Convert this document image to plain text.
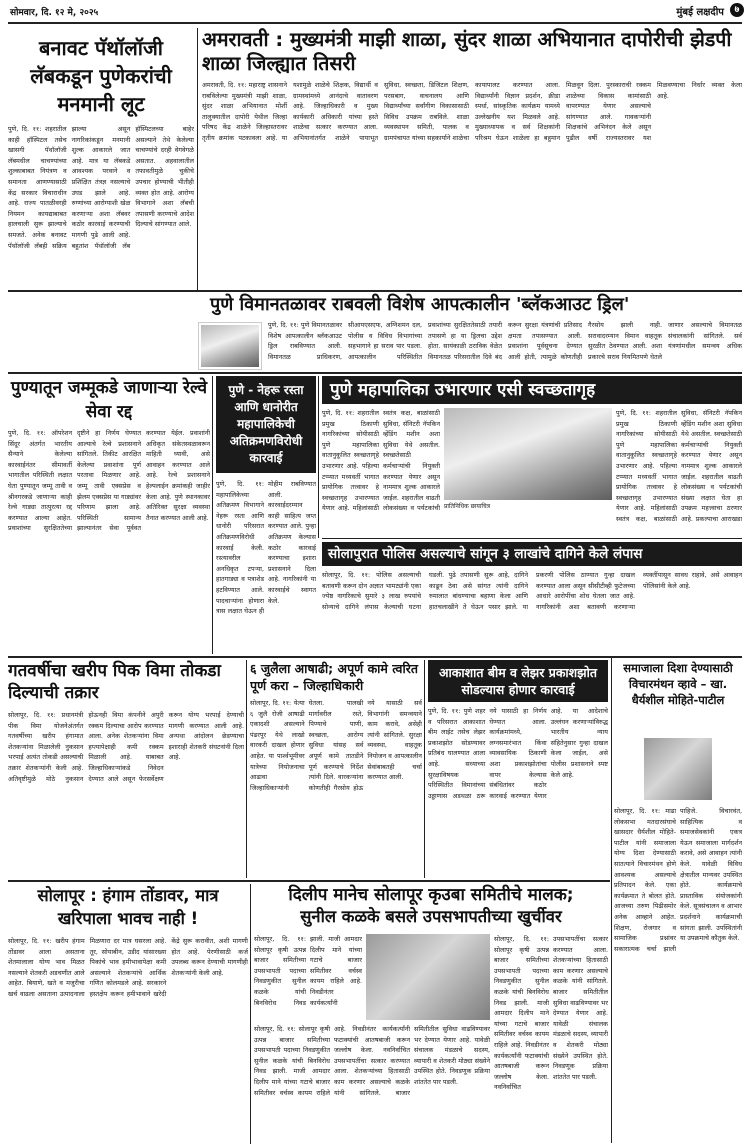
सोमवार, दि. १२ मे, २०२५	मुंबई लक्षदीप	७
बनावट पॅथॉलॉजी लॅबकडून पुणेकरांची मनमानी लूट
पुणे, दि. ११: शहरातील काही हॉस्पिटल तसेच खासगी पॅथॉलॉजी लॅबमधील चाचण्यांच्या शुल्काबाबत नियंत्रण व समानता आणण्यासाठी केंद्र सरकार विचाराधीन आहे. राज्य पातळीवरही नियमन कायद्याबाबत हालचाली सुरू झाल्याचे समजते. अनेक बनावट पॅथॉलॉजी लॅबही सक्रिय झाल्या असून नागरिकांकडून मनमानी शुल्क आकारले जात आहे. मात्र या लॅबकडे आवश्यक परवाने व प्रशिक्षित तंत्रज्ञ नसल्याचे उघड झाले आहे. रुग्णांच्या आरोग्याशी खेळ करणाऱ्या अशा लॅबवर कठोर कारवाई करण्याची मागणी पुढे आली आहे. बहुतांश पॅथॉलॉजी लॅब हॉस्पिटलच्या बाहेर असल्याने तेथे केलेल्या चाचण्यांचे दरही वेगवेगळे असतात. अहवालातील तफावतीमुळे चुकीचे उपचार होण्याची भीतीही व्यक्त होत आहे. आरोग्य विभागाने अशा लॅबची तपासणी करण्याचे आदेश दिल्याचे सांगण्यात आले.
अमरावती : मुख्यमंत्री माझी शाळा, सुंदर शाळा अभियानात दापोरीची झेडपी शाळा जिल्ह्यात तिसरी
अमरावती, दि. ११: महाराष्ट्र शासनाने राबविलेल्या मुख्यमंत्री माझी शाळा, सुंदर शाळा अभियानात मोर्शी तालुक्यातील दापोरी येथील जिल्हा परिषद केंद्र शाळेने जिल्हास्तरावर तृतीय क्रमांक पटकावला आहे. या यशामुळे शाळेचे शिक्षक, विद्यार्थी व ग्रामस्थांमध्ये आनंदाचे वातावरण आहे. जिल्हाधिकारी व मुख्य कार्यकारी अधिकारी यांच्या हस्ते शाळेचा सत्कार करण्यात आला. अभियानांतर्गत शाळेने पायाभूत सुविधा, स्वच्छता, डिजिटल शिक्षण, परसबाग, वाचनालय आणि विद्यार्थ्यांच्या सर्वांगीण विकासासाठी विविध उपक्रम राबविले. शाळा व्यवस्थापन समिती, पालक व ग्रामपंचायत यांच्या सहकार्याने शाळेचा कायापालट करण्यात आला. विद्यार्थ्यांनी विज्ञान प्रदर्शन, क्रीडा स्पर्धा, सांस्कृतिक कार्यक्रम यामध्ये उल्लेखनीय यश मिळवले आहे. मुख्याध्यापक व सर्व शिक्षकांनी परिश्रम घेऊन शाळेला हा बहुमान मिळवून दिला. पुरस्काराची रक्कम शाळेच्या विकास कामांसाठी वापरण्यात येणार असल्याचे सांगण्यात आले. गावकऱ्यांनी शिक्षकांचे अभिनंदन केले असून पुढील वर्षी राज्यस्तरावर यश मिळवण्याचा निर्धार व्यक्त केला आहे.
पुणे विमानतळावर राबवली विशेष आपत्कालीन 'ब्लॅकआउट ड्रिल'
पुणे, दि. ११: पुणे विमानतळावर विशेष आपत्कालीन ब्लॅकआउट ड्रिल राबविण्यात आली. विमानतळ प्राधिकरण, सीआयएसएफ, अग्निशमन दल, पोलीस व विविध विभागांच्या सहभागाने हा सराव पार पडला. आपत्कालीन परिस्थितीत प्रवाशांच्या सुरक्षिततेसाठी तयारी तपासणे हा या ड्रिलचा उद्देश होता. सायंकाळी ठराविक वेळेत विमानतळ परिसरातील दिवे बंद करून सुरक्षा यंत्रणांची प्रतिसाद क्षमता तपासण्यात आली. प्रवाशांना पूर्वसूचना देण्यात आली होती, त्यामुळे कोणतीही गैरसोय झाली नाही. सरावादरम्यान विमान वाहतूक सुरळीत ठेवण्यात आली. अशा प्रकारचे सराव नियमितपणे घेतले जाणार असल्याचे विमानतळ संचालकांनी सांगितले. सर्व यंत्रणांमधील समन्वय अधिक
पुण्यातून जम्मूकडे जाणाऱ्या रेल्वे सेवा रद्द
पुणे, दि. ११: ऑपरेशन सिंदूर अंतर्गत भारतीय सैन्याने केलेल्या कारवाईनंतर सीमावर्ती भागातील परिस्थिती लक्षात घेता पुण्यातून जम्मू तावी व श्रीनगरकडे जाणाऱ्या काही रेल्वे गाड्या तात्पुरत्या रद्द करण्यात आल्या आहेत. प्रवाशांच्या सुरक्षिततेच्या दृष्टीने हा निर्णय घेण्यात आल्याचे रेल्वे प्रशासनाने सांगितले. तिकीट आरक्षित केलेल्या प्रवाशांना पूर्ण परतावा मिळणार आहे. जम्मू तावी एक्सप्रेस व झेलम एक्सप्रेस या गाड्यांवर परिणाम झाला आहे. परिस्थिती सामान्य झाल्यानंतर सेवा पूर्ववत करण्यात येईल. प्रवाशांनी अधिकृत संकेतस्थळावरून माहिती घ्यावी, असे आवाहन करण्यात आले आहे. रेल्वे प्रशासनाने हेल्पलाईन क्रमांकही जाहीर केला आहे. पुणे स्थानकावर अतिरिक्त सुरक्षा व्यवस्था तैनात करण्यात आली आहे.
पुणे - नेहरू रस्ता आणि धानोरीत महापालिकेची अतिक्रमणविरोधी कारवाई
पुणे, दि. ११: महापालिकेच्या अतिक्रमण विभागाने नेहरू रस्ता आणि धानोरी परिसरात अतिक्रमणविरोधी कारवाई केली. रस्त्यावरील अनधिकृत टपऱ्या, हातगाड्या व पत्राशेड हटविण्यात आले. पादचाऱ्यांना होणारा त्रास लक्षात घेऊन ही मोहीम राबविण्यात आली. कारवाईदरम्यान काही साहित्य जप्त करण्यात आले. पुन्हा अतिक्रमण केल्यास कठोर कारवाई करण्याचा इशारा प्रशासनाने दिला आहे. नागरिकांनी या कारवाईचे स्वागत केले.
पुणे महापालिका उभारणार एसी स्वच्छतागृह
पुणे, दि. ११: शहरातील प्रमुख ठिकाणी नागरिकांच्या सोयीसाठी पुणे महापालिका वातानुकूलित स्वच्छतागृहे उभारणार आहे. पहिल्या टप्प्यात मध्यवर्ती भागात प्रायोगिक तत्त्वावर हे स्वच्छतागृह उभारण्यात येणार आहे. महिलांसाठी स्वतंत्र कक्ष, बाळांसाठी सुविधा, सॅनिटरी नॅपकिन व्हेंडिंग मशीन अशा सुविधा येथे असतील. स्वच्छतेसाठी कर्मचाऱ्यांची नियुक्ती करण्यात येणार असून नाममात्र शुल्क आकारले जाईल. शहरातील वाढती लोकसंख्या व पर्यटकांची प्रातिनिधिक छायाचित्र
पुणे, दि. ११: शहरातील प्रमुख ठिकाणी नागरिकांच्या सोयीसाठी पुणे महापालिका वातानुकूलित स्वच्छतागृहे उभारणार आहे. पहिल्या टप्प्यात मध्यवर्ती भागात प्रायोगिक तत्त्वावर हे स्वच्छतागृह उभारण्यात येणार आहे. महिलांसाठी स्वतंत्र कक्ष, बाळांसाठी सुविधा, सॅनिटरी नॅपकिन व्हेंडिंग मशीन अशा सुविधा येथे असतील. स्वच्छतेसाठी कर्मचाऱ्यांची नियुक्ती करण्यात येणार असून नाममात्र शुल्क आकारले जाईल. शहरातील वाढती लोकसंख्या व पर्यटकांची संख्या लक्षात घेता हा उपक्रम महत्त्वाचा ठरणार आहे. प्रकल्पाचा आराखडा
सोलापुरात पोलिस असल्याचे सांगून ३ लाखांचे दागिने केले लंपास
सोलापूर, दि. ११: पोलिस असल्याची बतावणी करून दोन अज्ञात भामट्यांनी एका ज्येष्ठ नागरिकाचे सुमारे ३ लाख रुपयांचे सोन्याचे दागिने लंपास केल्याची घटना घडली. पुढे तपासणी सुरू आहे, दागिने काढून ठेवा असे सांगत त्यांनी दागिने रुमालात बांधण्याचा बहाणा केला आणि हातचलाखीने ते घेऊन पसार झाले. या प्रकरणी पोलिस ठाण्यात गुन्हा दाखल करण्यात आला असून सीसीटीव्ही फुटेजच्या आधारे आरोपींचा शोध घेतला जात आहे. नागरिकांनी अशा बतावणी करणाऱ्या व्यक्तींपासून सावध राहावे, असे आवाहन पोलिसांनी केले आहे.
गतवर्षीचा खरीप पिक विमा तोकडा दिल्याची तक्रार
सोलापूर, दि. ११: प्रधानमंत्री पीक विमा योजनेअंतर्गत गतवर्षीच्या खरीप हंगामात शेतकऱ्यांना मिळालेली नुकसान भरपाई अत्यंत तोकडी असल्याची तक्रार शेतकऱ्यांनी केली आहे. अतिवृष्टीमुळे मोठे नुकसान होऊनही विमा कंपनीने अपुरी रक्कम दिल्याचा आरोप करण्यात आला. अनेक शेतकऱ्यांना विमा हप्त्यापेक्षाही कमी रक्कम मिळाली आहे. याबाबत जिल्हाधिकाऱ्यांकडे निवेदन देण्यात आले असून फेरसर्वेक्षण करून योग्य भरपाई देण्याची मागणी करण्यात आली आहे. अन्यथा आंदोलन छेडण्याचा इशाराही शेतकरी संघटनांनी दिला आहे.
६ जुलैला आषाढी; अपूर्ण कामे त्वरित पूर्ण करा – जिल्हाधिकारी
सोलापूर, दि. ११: येत्या ६ जुलै रोजी आषाढी एकादशी असल्याने पंढरपूर येथे लाखो वारकरी दाखल होणार आहेत. या पार्श्वभूमीवर यात्रेच्या नियोजनाचा आढावा जिल्हाधिकाऱ्यांनी घेतला. पालखी मार्गावरील रस्ते, पिण्याचे पाणी, स्वच्छता, आरोग्य सुविधा यांसह सर्व अपूर्ण कामे तातडीने पूर्ण करण्याचे निर्देश त्यांनी दिले. वारकऱ्यांना कोणतीही गैरसोय होऊ नये यासाठी सर्व विभागांनी समन्वयाने काम करावे, असेही त्यांनी सांगितले. सुरक्षा व्यवस्था, वाहतूक नियोजन व आपत्कालीन सेवांबाबतही चर्चा करण्यात आली.
आकाशात बीम व लेझर प्रकाशझोत सोडल्यास होणार कारवाई
पुणे, दि. ११: पुणे शहर व परिसरात आकाशात बीम लाईट तसेच लेझर प्रकाशझोत सोडण्यावर प्रतिबंध घालण्यात आला आहे. सध्याच्या सुरक्षाविषयक परिस्थितीत विमानांच्या उड्डाणास अडथळा ठरू नये यासाठी हा निर्णय घेण्यात आला. कार्यक्रमांमध्ये, लग्नसमारंभात किंवा व्यावसायिक ठिकाणी अशा प्रकाशझोतांचा वापर केल्यास संबंधितांवर कठोर कारवाई करण्यात येणार आहे. या आदेशाचे उल्लंघन करणाऱ्यांविरुद्ध भारतीय न्याय संहितेनुसार गुन्हा दाखल केला जाईल, असे पोलीस प्रशासनाने स्पष्ट केले आहे.
समाजाला दिशा देण्यासाठी विचारमंथन व्हावे – खा. धैर्यशील मोहिते-पाटील
सोलापूर, दि. ११: माढा लोकसभा मतदारसंघाचे खासदार धैर्यशील मोहिते-पाटील यांनी समाजाला योग्य दिशा देण्यासाठी सातत्याने विचारमंथन होणे आवश्यक असल्याचे प्रतिपादन केले. एका कार्यक्रमात ते बोलत होते. आजच्या तरुण पिढीसमोर अनेक आव्हाने आहेत. शिक्षण, रोजगार व सामाजिक प्रश्नांवर सकारात्मक चर्चा झाली पाहिजे. विचारवंत, साहित्यिक व समाजसेवकांनी एकत्र येऊन समाजाला मार्गदर्शन करावे, असे आवाहन त्यांनी केले. यावेळी विविध क्षेत्रातील मान्यवर उपस्थित होते. कार्यक्रमाचे प्रास्ताविक संयोजकांनी केले. सूत्रसंचालन व आभार प्रदर्शनाने कार्यक्रमाची सांगता झाली. उपस्थितांनी या उपक्रमाचे कौतुक केले.
सोलापूर : हंगाम तोंडावर, मात्र खरिपाला भावच नाही !
सोलापूर, दि. ११: खरीप हंगाम तोंडावर आला असताना शेतमालाला योग्य भाव मिळत नसल्याने शेतकरी अडचणीत आले आहेत. बियाणे, खते व मजुरीचा खर्च वाढला असताना उत्पादनाला मिळणारा दर मात्र घसरला आहे. तूर, सोयाबीन, उडीद यांसारख्या पिकांचे भाव हमीभावापेक्षा कमी असल्याने शेतकऱ्यांचे आर्थिक गणित कोलमडले आहे. सरकारने हस्तक्षेप करून हमीभावाने खरेदी केंद्रे सुरू करावीत, अशी मागणी होत आहे. पेरणीसाठी कर्ज उपलब्ध करून देण्याची मागणीही शेतकऱ्यांनी केली आहे.
दिलीप मानेच सोलापूर कृउबा समितीचे मालक;
सुनील कळके बसले उपसभापतीच्या खुर्चीवर
सोलापूर, दि. ११: सोलापूर कृषी उत्पन्न बाजार समितीच्या उपसभापती पदाच्या निवडणुकीत सुनील कळके यांची बिनविरोध निवड झाली. माजी आमदार दिलीप माने यांच्या गटाचे बाजार समितीवर वर्चस्व कायम राहिले आहे. निवडीनंतर कार्यकर्त्यांनी
सोलापूर, दि. ११: सोलापूर कृषी उत्पन्न बाजार समितीच्या उपसभापती पदाच्या निवडणुकीत सुनील कळके यांची बिनविरोध निवड झाली. माजी आमदार दिलीप माने यांच्या गटाचे बाजार समितीवर वर्चस्व कायम राहिले आहे. निवडीनंतर कार्यकर्त्यांनी फटाक्यांची आतषबाजी करून जल्लोष केला. नवनिर्वाचित उपसभापतींचा सत्कार करण्यात आला. शेतकऱ्यांच्या हितासाठी काम करणार असल्याचे कळके यांनी सांगितले. बाजार समितीतील सुविधा वाढविण्यावर भर देण्यात येणार आहे. यावेळी संचालक मंडळाचे सदस्य, व्यापारी व शेतकरी मोठ्या संख्येने उपस्थित होते. निवडणूक प्रक्रिया शांततेत पार पडली.
सोलापूर, दि. ११: सोलापूर कृषी उत्पन्न बाजार समितीच्या उपसभापती पदाच्या निवडणुकीत सुनील कळके यांची बिनविरोध निवड झाली. माजी आमदार दिलीप माने यांच्या गटाचे बाजार समितीवर वर्चस्व कायम राहिले आहे. निवडीनंतर कार्यकर्त्यांनी फटाक्यांची आतषबाजी करून जल्लोष केला. नवनिर्वाचित उपसभापतींचा सत्कार करण्यात आला. शेतकऱ्यांच्या हितासाठी काम करणार असल्याचे कळके यांनी सांगितले. बाजार समितीतील सुविधा वाढविण्यावर भर देण्यात येणार आहे. यावेळी संचालक मंडळाचे सदस्य, व्यापारी व शेतकरी मोठ्या संख्येने उपस्थित होते. निवडणूक प्रक्रिया शांततेत पार पडली.
